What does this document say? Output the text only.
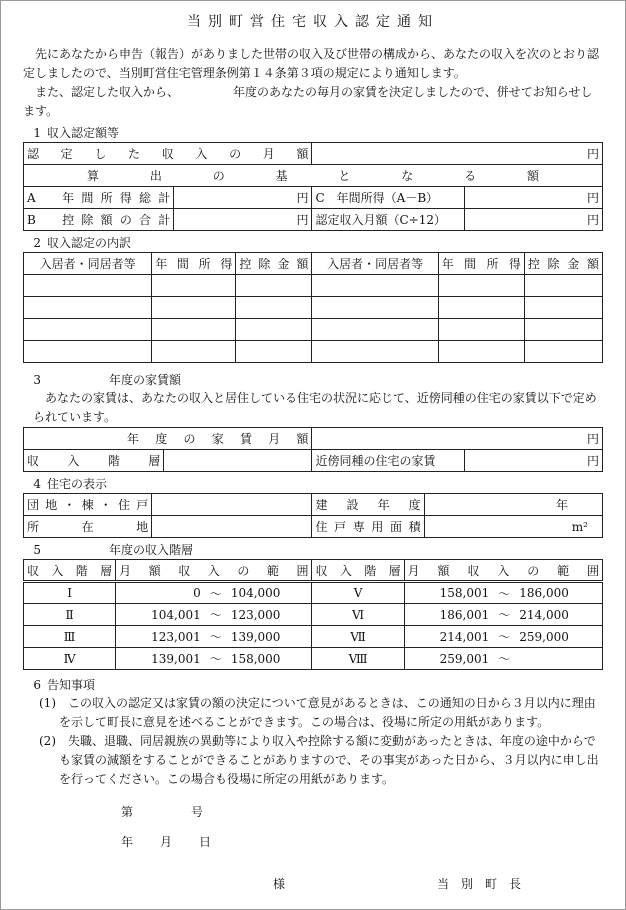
当別町営住宅収入認定通知

先にあなたから申告（報告）がありました世帯の収入及び世帯の構成から、あなたの収入を次のとおり認定しましたので、当別町営住宅管理条例第１４条第３項の規定により通知します。

また、認定した収入から、　　　　　年度のあなたの毎月の家賃を決定しましたので、併せてお知らせします。

1 収入認定額等
認定した収入の月額		円	

算出の基となる額			

A　年間所得総計	円	C　年間所得（A－B）	円

B　控除額の合計	円	認定収入月額（C÷12）	円
2 収入認定の内訳
入居者・同居者等	年間所得	控除金額	入居者・同居者等	年間所得	控除金額

3	年度の家賃額

あなたの家賃は、あなたの収入と居住している住宅の状況に応じて、近傍同種の住宅の家賃以下で定められています。

年度の家賃月額		円	

収入階層		近傍同種の住宅の家賃	円
4 住宅の表示
団地・棟・住戸		建設年度	年

所在地		住戸専用面積	m²
5	年度の収入階層
収入階層	月額収入の範囲			収入階層	月額収入の範囲		

Ⅰ	0	～	104,000	Ⅴ	158,001	～	186,000
Ⅱ	104,001	～	123,000	Ⅵ	186,001	～	214,000
Ⅲ	123,001	～	139,000	Ⅶ	214,001	～	259,000
Ⅳ	139,001	～	158,000	Ⅷ	259,001	～	
6 告知事項

(1)　この収入の認定又は家賃の額の決定について意見があるときは、この通知の日から３月以内に理由を示して町長に意見を述べることができます。この場合は、役場に所定の用紙があります。

(2)　失職、退職、同居親族の異動等により収入や控除する額に変動があったときは、年度の途中からでも家賃の減額をすることができることがありますので、その事実があった日から、３月以内に申し出を行ってください。この場合も役場に所定の用紙があります。

第	号
年 月 日
様	当　別　町　長
